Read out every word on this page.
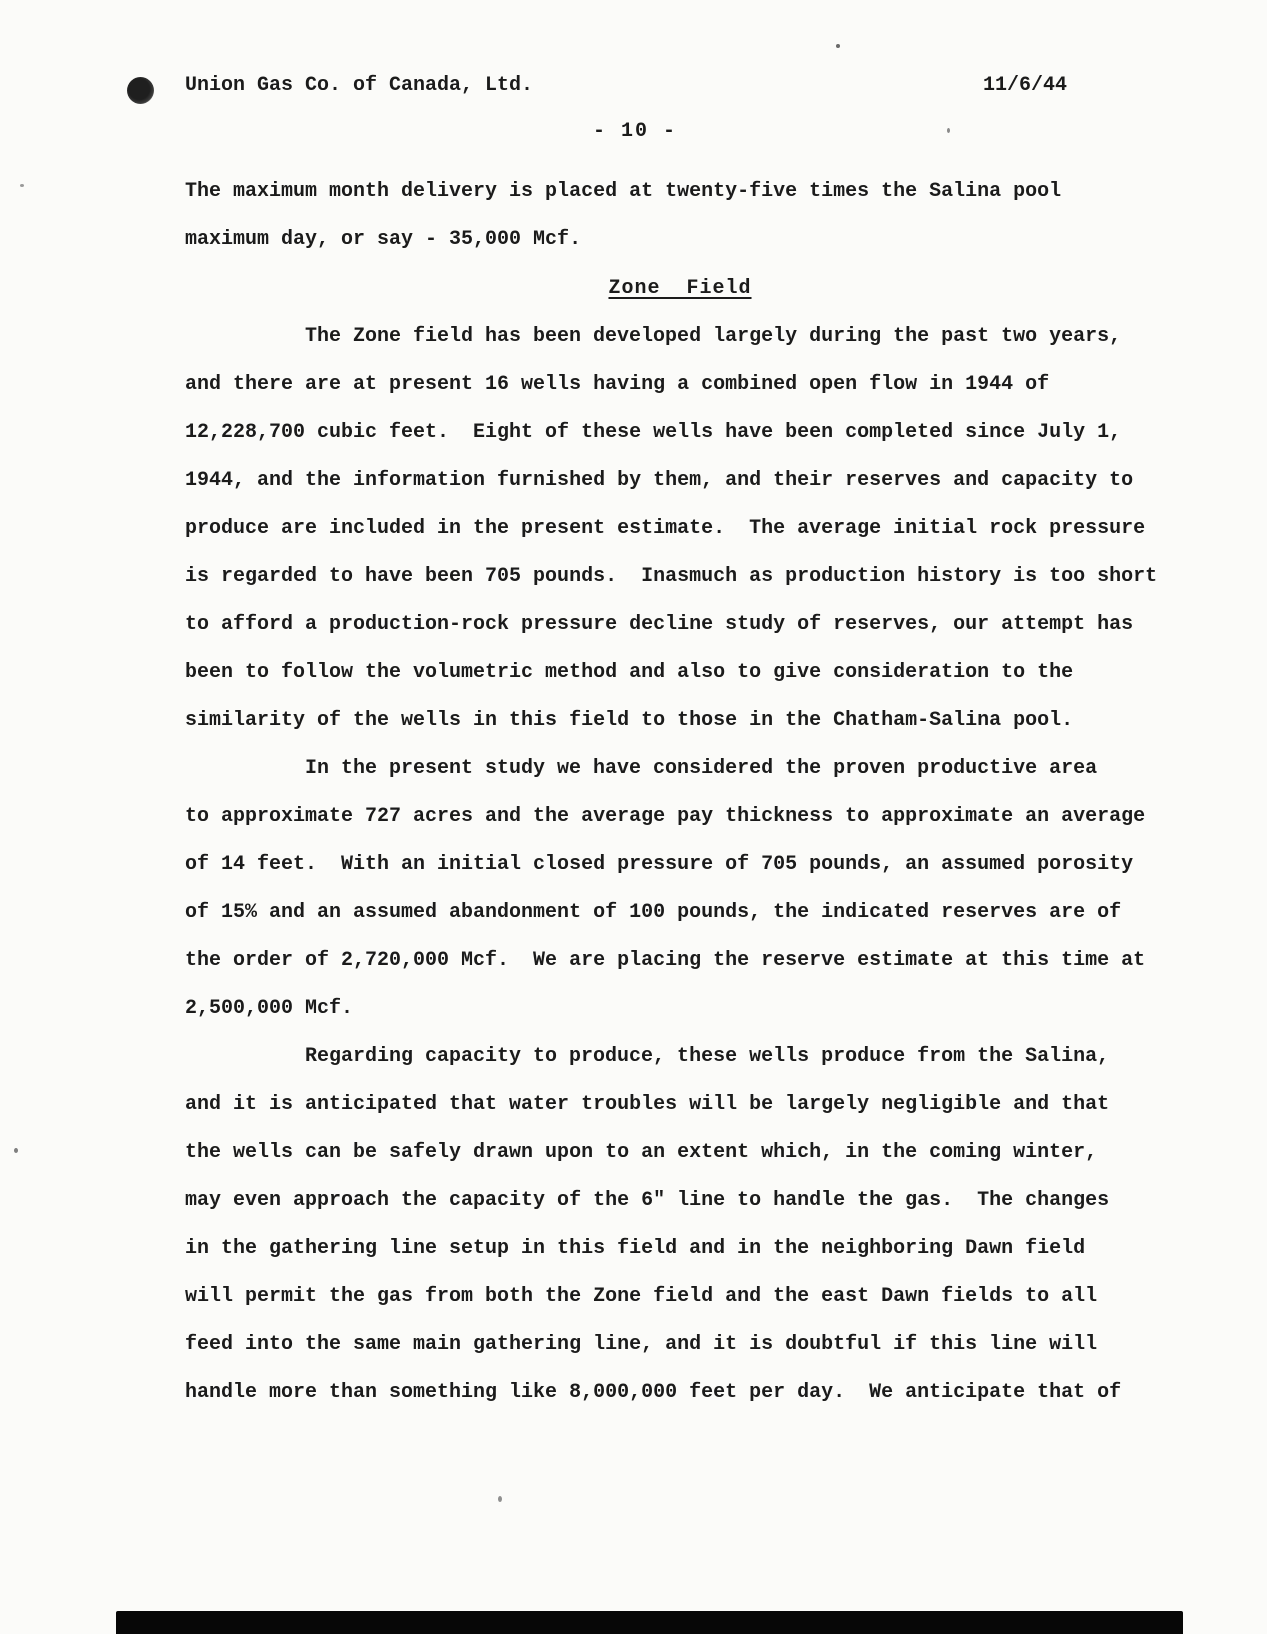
Union Gas Co. of Canada, Ltd.	11/6/44
- 10 -
The maximum month delivery is placed at twenty-five times the Salina pool
maximum day, or say - 35,000 Mcf.
Zone  Field
The Zone field has been developed largely during the past two years,
and there are at present 16 wells having a combined open flow in 1944 of
12,228,700 cubic feet.  Eight of these wells have been completed since July 1,
1944, and the information furnished by them, and their reserves and capacity to
produce are included in the present estimate.  The average initial rock pressure
is regarded to have been 705 pounds.  Inasmuch as production history is too short
to afford a production-rock pressure decline study of reserves, our attempt has
been to follow the volumetric method and also to give consideration to the
similarity of the wells in this field to those in the Chatham-Salina pool.
In the present study we have considered the proven productive area
to approximate 727 acres and the average pay thickness to approximate an average
of 14 feet.  With an initial closed pressure of 705 pounds, an assumed porosity
of 15% and an assumed abandonment of 100 pounds, the indicated reserves are of
the order of 2,720,000 Mcf.  We are placing the reserve estimate at this time at
2,500,000 Mcf.
Regarding capacity to produce, these wells produce from the Salina,
and it is anticipated that water troubles will be largely negligible and that
the wells can be safely drawn upon to an extent which, in the coming winter,
may even approach the capacity of the 6" line to handle the gas.  The changes
in the gathering line setup in this field and in the neighboring Dawn field
will permit the gas from both the Zone field and the east Dawn fields to all
feed into the same main gathering line, and it is doubtful if this line will
handle more than something like 8,000,000 feet per day.  We anticipate that of
